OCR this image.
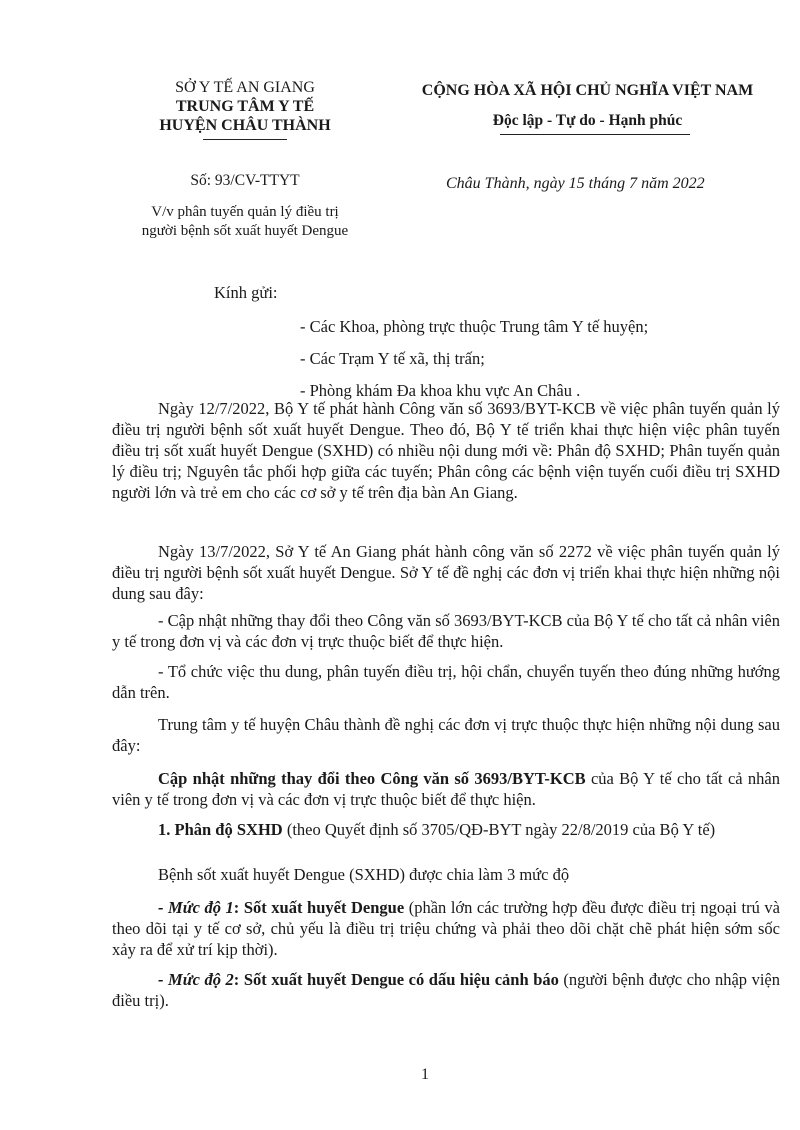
SỞ Y TẾ AN GIANG
TRUNG TÂM Y TẾ
HUYỆN CHÂU THÀNH
CỘNG HÒA XÃ HỘI CHỦ NGHĨA VIỆT NAM
Độc lập - Tự do - Hạnh phúc
Số: 93/CV-TTYT
V/v phân tuyến quản lý điều trị
người bệnh sốt xuất huyết Dengue
Châu Thành, ngày 15 tháng 7 năm 2022
Kính gửi:
- Các Khoa, phòng trực thuộc Trung tâm Y tế huyện;
- Các Trạm Y tế xã, thị trấn;
- Phòng khám Đa khoa khu vực An Châu .
Ngày 12/7/2022, Bộ Y tế phát hành Công văn số 3693/BYT-KCB về việc phân tuyến quản lý điều trị người bệnh sốt xuất huyết Dengue. Theo đó, Bộ Y tế triển khai thực hiện việc phân tuyến điều trị sốt xuất huyết Dengue (SXHD) có nhiều nội dung mới về: Phân độ SXHD; Phân tuyến quản lý điều trị; Nguyên tắc phối hợp giữa các tuyến; Phân công các bệnh viện tuyến cuối điều trị SXHD người lớn và trẻ em cho các cơ sở y tế trên địa bàn An Giang.
Ngày 13/7/2022, Sở Y tế An Giang phát hành công văn số 2272 về việc phân tuyến quản lý điều trị người bệnh sốt xuất huyết Dengue. Sở Y tế đề nghị các đơn vị triển khai thực hiện những nội dung sau đây:
- Cập nhật những thay đổi theo Công văn số 3693/BYT-KCB của Bộ Y tế cho tất cả nhân viên y tế trong đơn vị và các đơn vị trực thuộc biết để thực hiện.
- Tổ chức việc thu dung, phân tuyến điều trị, hội chẩn, chuyển tuyến theo đúng những hướng dẫn trên.
Trung tâm y tế huyện Châu thành đề nghị các đơn vị trực thuộc thực hiện những nội dung sau đây:
Cập nhật những thay đổi theo Công văn số 3693/BYT-KCB của Bộ Y tế cho tất cả nhân viên y tế trong đơn vị và các đơn vị trực thuộc biết để thực hiện.
1. Phân độ SXHD (theo Quyết định số 3705/QĐ-BYT ngày 22/8/2019 của Bộ Y tế)
Bệnh sốt xuất huyết Dengue (SXHD) được chia làm 3 mức độ
- Mức độ 1: Sốt xuất huyết Dengue (phần lớn các trường hợp đều được điều trị ngoại trú và theo dõi tại y tế cơ sở, chủ yếu là điều trị triệu chứng và phải theo dõi chặt chẽ phát hiện sớm sốc xảy ra để xử trí kịp thời).
- Mức độ 2: Sốt xuất huyết Dengue có dấu hiệu cảnh báo (người bệnh được cho nhập viện điều trị).
1
